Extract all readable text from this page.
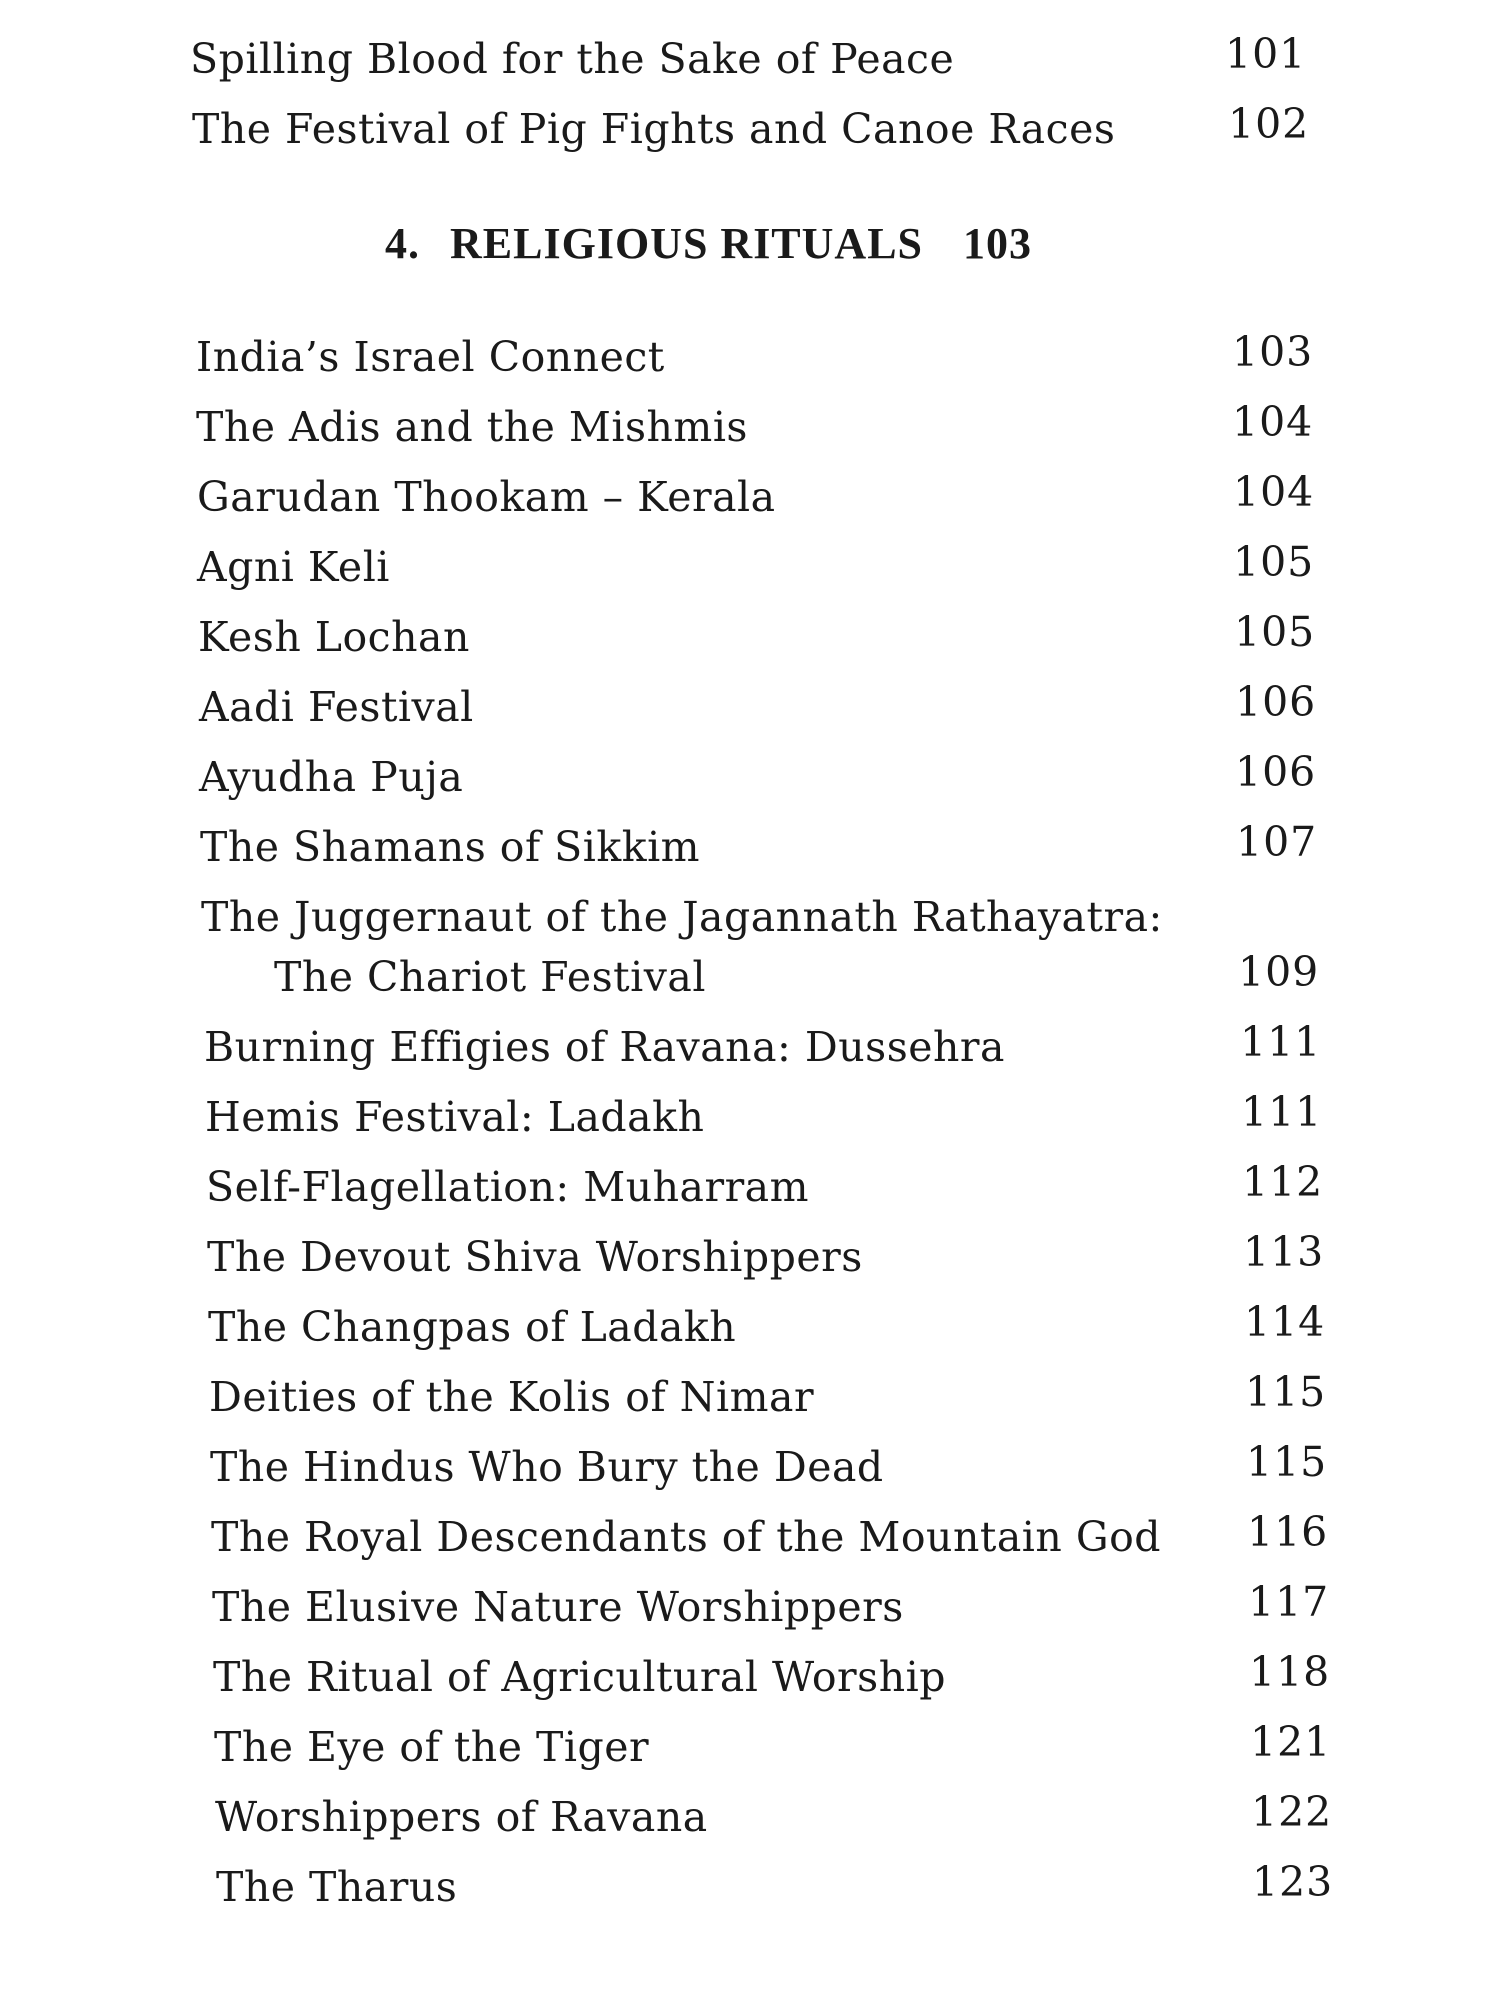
Spilling Blood for the Sake of Peace	101
The Festival of Pig Fights and Canoe Races	102
4. RELIGIOUS RITUALS 103
India’s Israel Connect	103
The Adis and the Mishmis	104
Garudan Thookam – Kerala	104
Agni Keli	105
Kesh Lochan	105
Aadi Festival	106
Ayudha Puja	106
The Shamans of Sikkim	107
The Juggernaut of the Jagannath Rathayatra:
The Chariot Festival	109
Burning Effigies of Ravana: Dussehra	111
Hemis Festival: Ladakh	111
Self-Flagellation: Muharram	112
The Devout Shiva Worshippers	113
The Changpas of Ladakh	114
Deities of the Kolis of Nimar	115
The Hindus Who Bury the Dead	115
The Royal Descendants of the Mountain God 116
The Elusive Nature Worshippers	117
The Ritual of Agricultural Worship	118
The Eye of the Tiger	121
Worshippers of Ravana	122
The Tharus	123
